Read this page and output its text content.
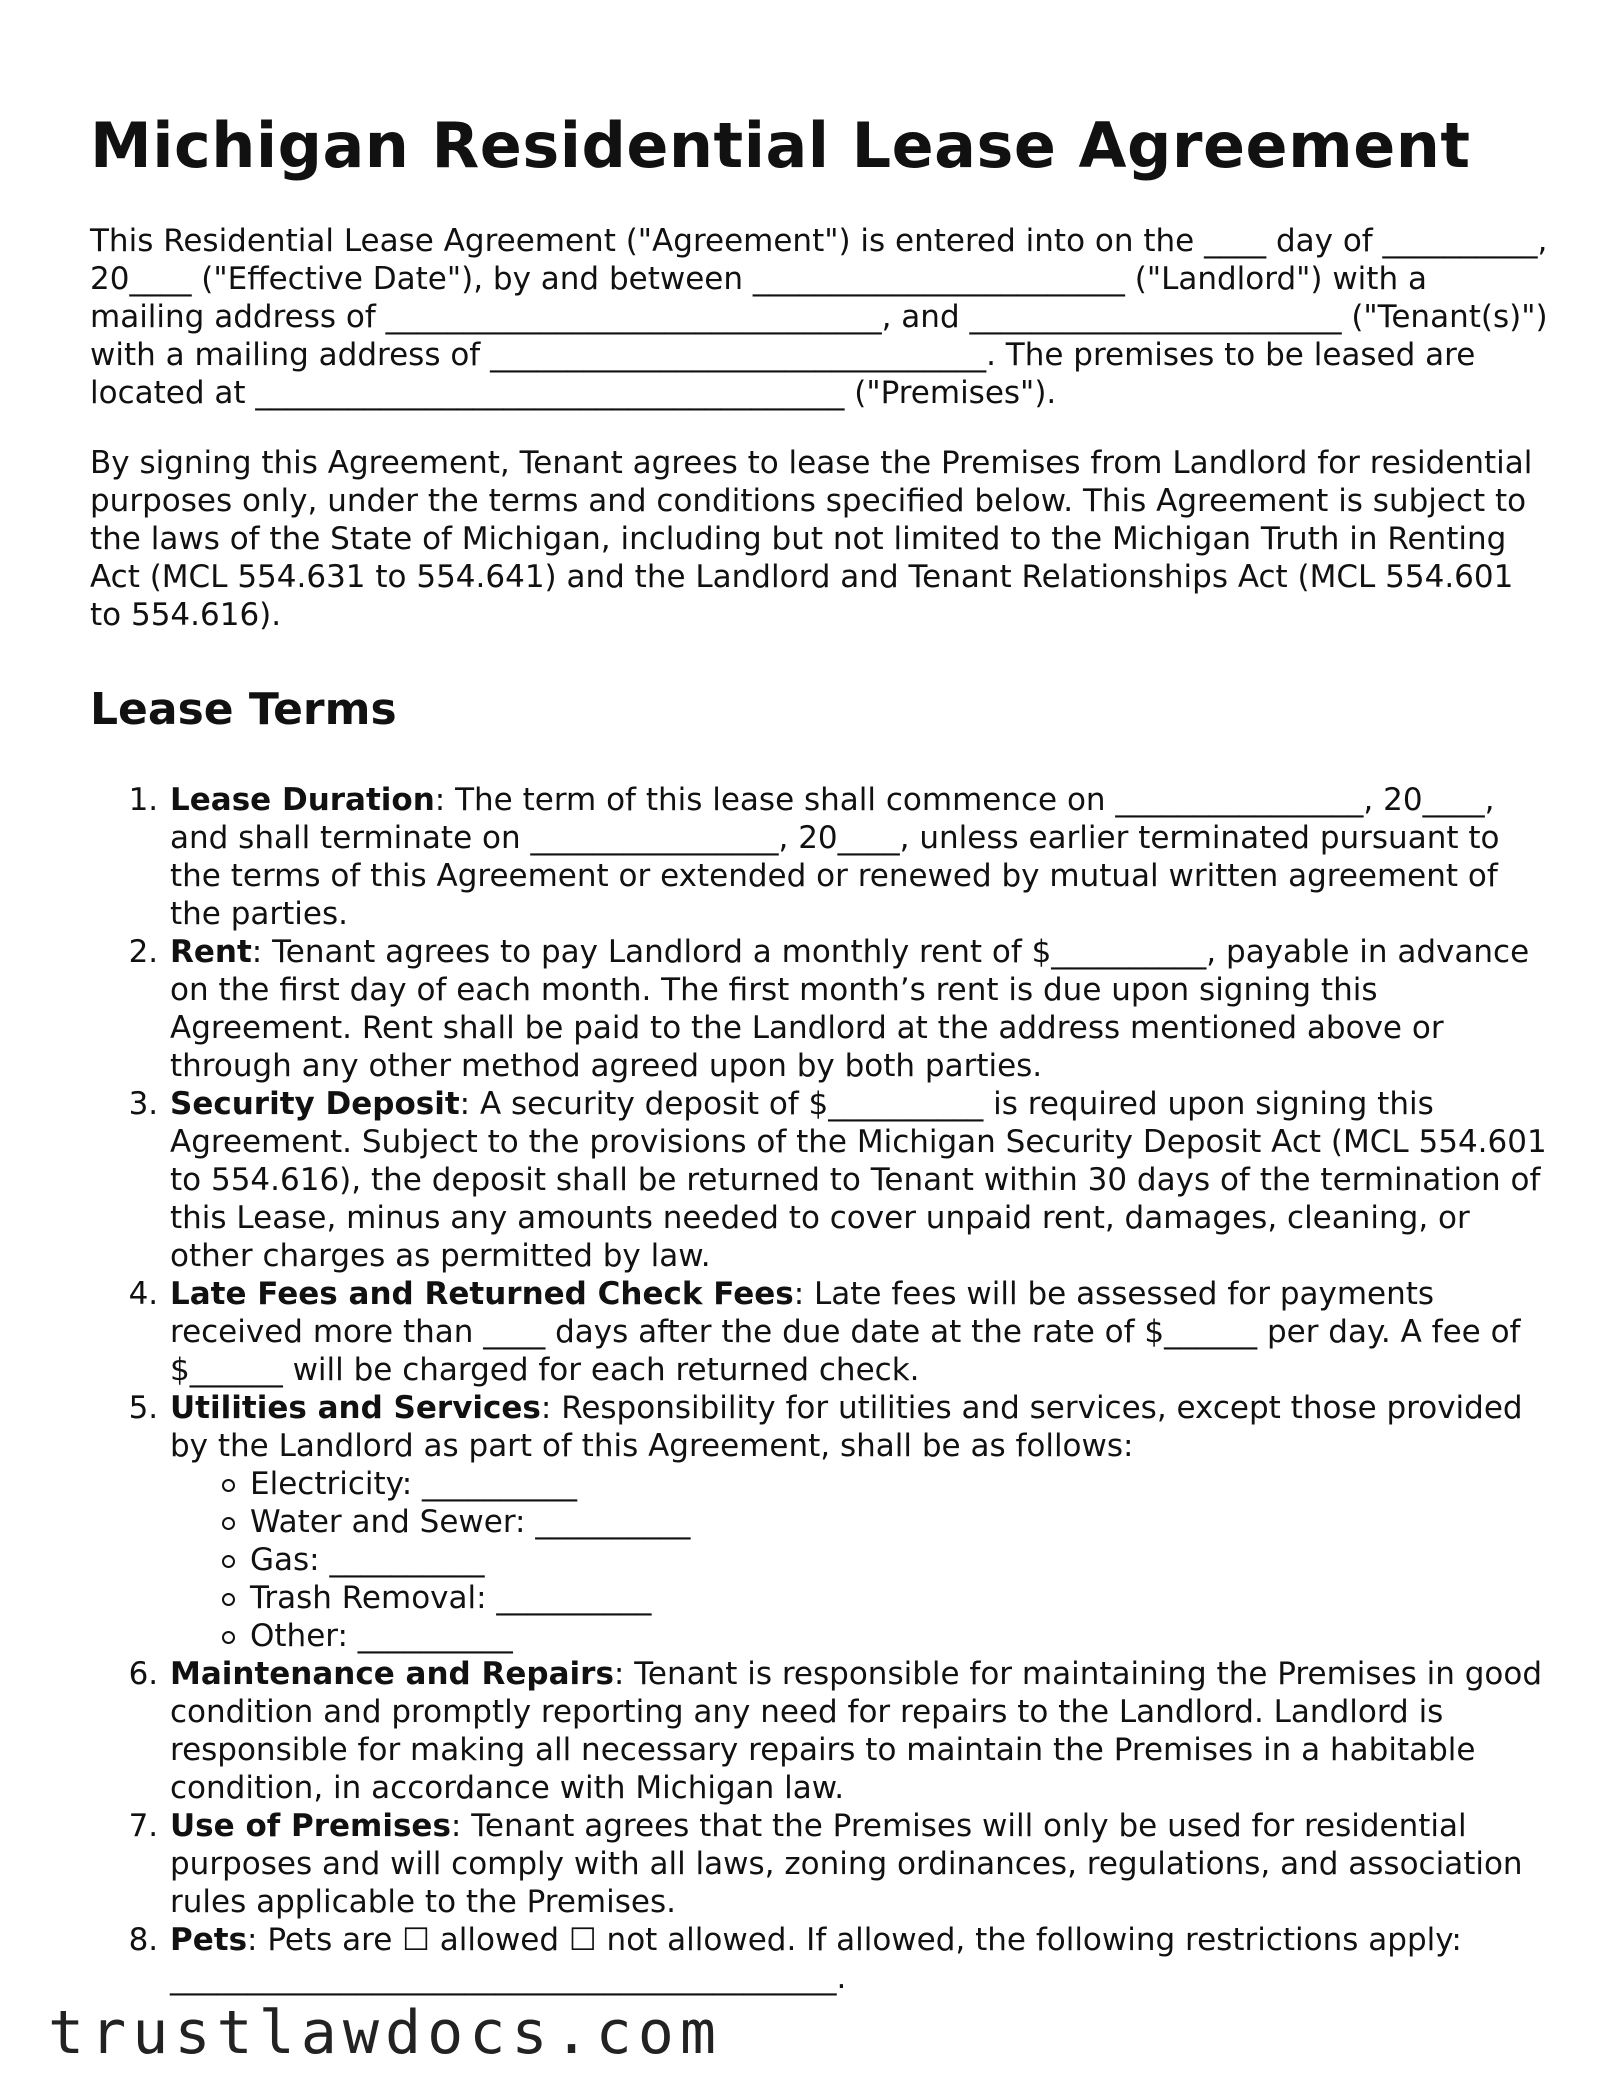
Michigan Residential Lease Agreement

This Residential Lease Agreement ("Agreement") is entered into on the ____ day of __________, 20____ ("Effective Date"), by and between ________________________ ("Landlord") with a mailing address of ________________________________, and ________________________ ("Tenant(s)") with a mailing address of ________________________________. The premises to be leased are located at ______________________________________ ("Premises").

By signing this Agreement, Tenant agrees to lease the Premises from Landlord for residential purposes only, under the terms and conditions specified below. This Agreement is subject to the laws of the State of Michigan, including but not limited to the Michigan Truth in Renting Act (MCL 554.631 to 554.641) and the Landlord and Tenant Relationships Act (MCL 554.601 to 554.616).

Lease Terms
1. Lease Duration: The term of this lease shall commence on ________________, 20____, and shall terminate on ________________, 20____, unless earlier terminated pursuant to the terms of this Agreement or extended or renewed by mutual written agreement of the parties.
2. Rent: Tenant agrees to pay Landlord a monthly rent of $__________, payable in advance on the first day of each month. The first month’s rent is due upon signing this Agreement. Rent shall be paid to the Landlord at the address mentioned above or through any other method agreed upon by both parties.
3. Security Deposit: A security deposit of $__________ is required upon signing this Agreement. Subject to the provisions of the Michigan Security Deposit Act (MCL 554.601 to 554.616), the deposit shall be returned to Tenant within 30 days of the termination of this Lease, minus any amounts needed to cover unpaid rent, damages, cleaning, or other charges as permitted by law.
4. Late Fees and Returned Check Fees: Late fees will be assessed for payments received more than ____ days after the due date at the rate of $______ per day. A fee of $______ will be charged for each returned check.
5. Utilities and Services: Responsibility for utilities and services, except those provided by the Landlord as part of this Agreement, shall be as follows:
Electricity: __________
Water and Sewer: __________
Gas: __________
Trash Removal: __________
Other: __________
6. Maintenance and Repairs: Tenant is responsible for maintaining the Premises in good condition and promptly reporting any need for repairs to the Landlord. Landlord is responsible for making all necessary repairs to maintain the Premises in a habitable condition, in accordance with Michigan law.
7. Use of Premises: Tenant agrees that the Premises will only be used for residential purposes and will comply with all laws, zoning ordinances, regulations, and association rules applicable to the Premises.
8. Pets: Pets are ☐ allowed ☐ not allowed. If allowed, the following restrictions apply: ___________________________________________.
trustlawdocs.com
